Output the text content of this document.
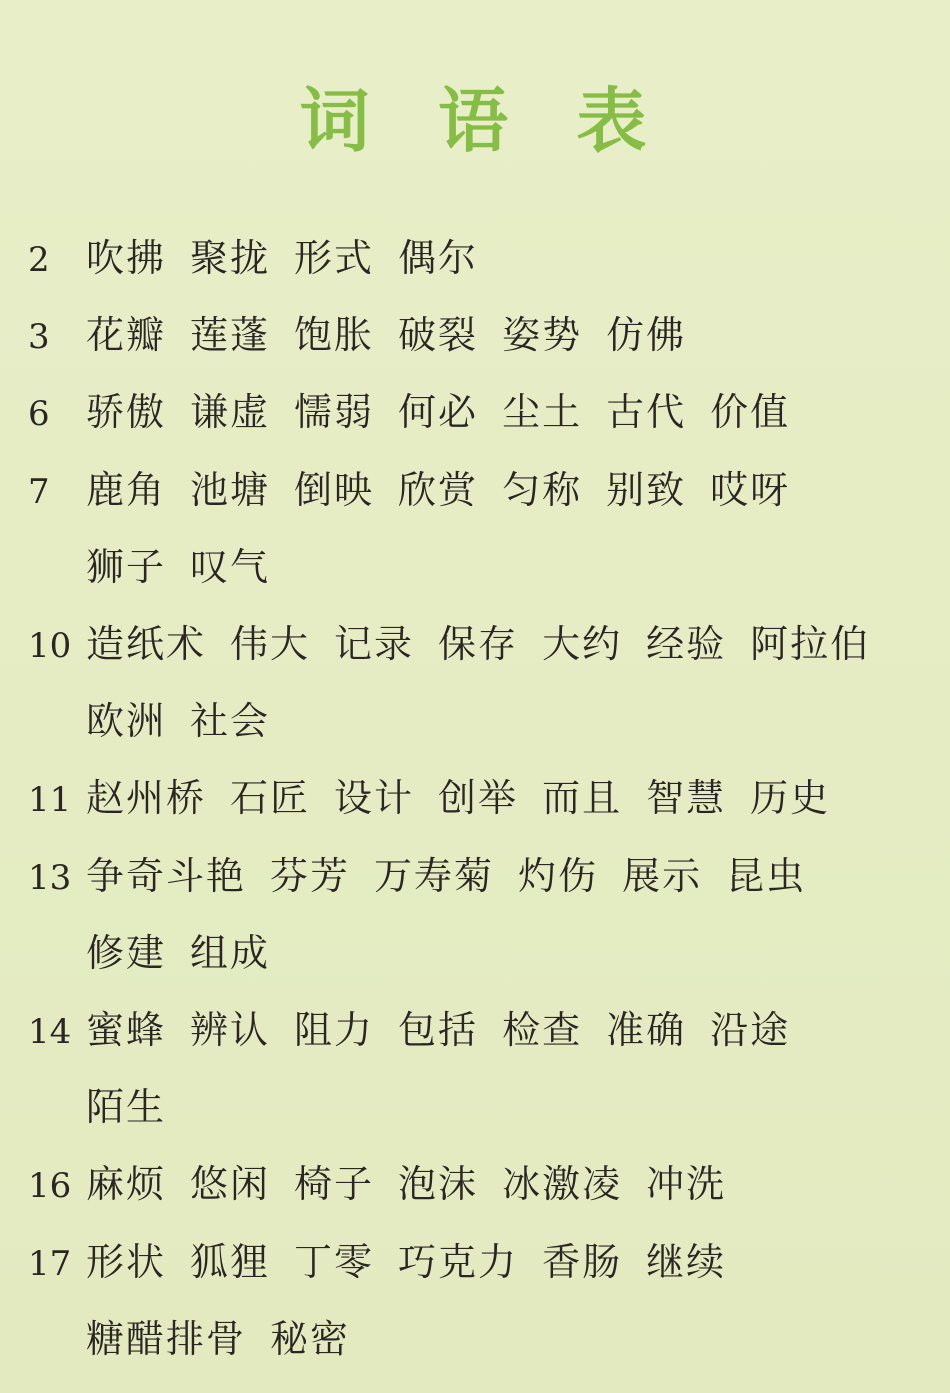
词 语 表
2 吹拂 聚拢 形式 偶尔
3 花瓣 莲蓬 饱胀 破裂 姿势 仿佛
6 骄傲 谦虚 懦弱 何必 尘土 古代 价值
7 鹿角 池塘 倒映 欣赏 匀称 别致 哎呀
狮子 叹气
10 造纸术 伟大 记录 保存 大约 经验 阿拉伯
欧洲 社会
11 赵州桥 石匠 设计 创举 而且 智慧 历史
13 争奇斗艳 芬芳 万寿菊 灼伤 展示 昆虫
修建 组成
14 蜜蜂 辨认 阻力 包括 检查 准确 沿途
陌生
16 麻烦 悠闲 椅子 泡沫 冰激凌 冲洗
17 形状 狐狸 丁零 巧克力 香肠 继续
糖醋排骨 秘密
